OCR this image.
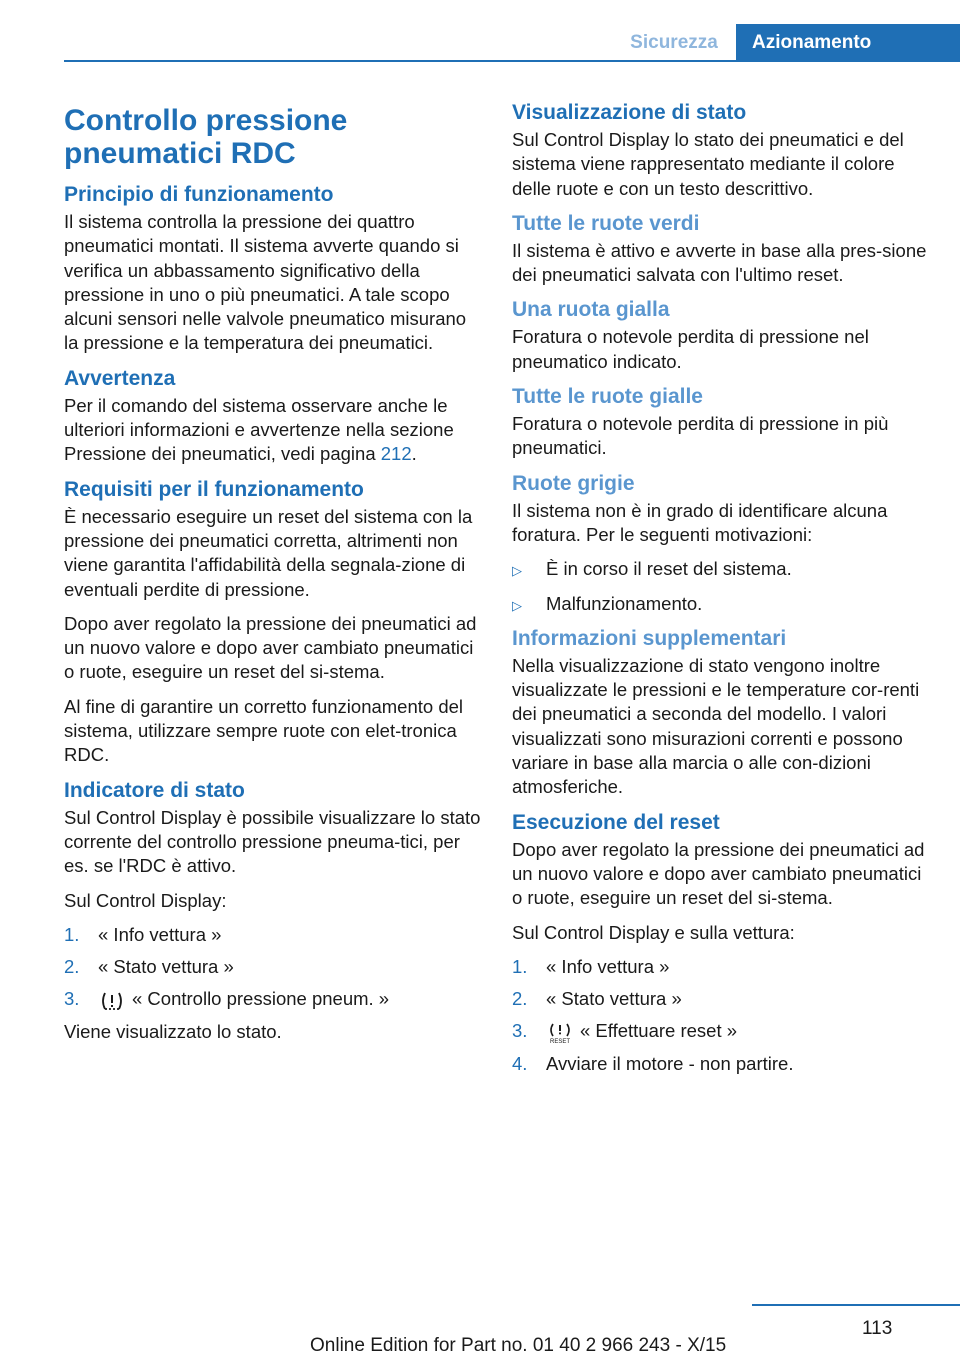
Sicurezza	Azionamento
Controllo pressione pneumatici RDC
Principio di funzionamento
Il sistema controlla la pressione dei quattro pneumatici montati. Il sistema avverte quando si verifica un abbassamento significativo della pressione in uno o più pneumatici. A tale scopo alcuni sensori nelle valvole pneumatico misurano la pressione e la temperatura dei pneumatici.
Avvertenza
Per il comando del sistema osservare anche le ulteriori informazioni e avvertenze nella sezione Pressione dei pneumatici, vedi pagina 212.
Requisiti per il funzionamento
È necessario eseguire un reset del sistema con la pressione dei pneumatici corretta, altrimenti non viene garantita l'affidabilità della segnala-zione di eventuali perdite di pressione.
Dopo aver regolato la pressione dei pneumatici ad un nuovo valore e dopo aver cambiato pneumatici o ruote, eseguire un reset del si-stema.
Al fine di garantire un corretto funzionamento del sistema, utilizzare sempre ruote con elet-tronica RDC.
Indicatore di stato
Sul Control Display è possibile visualizzare lo stato corrente del controllo pressione pneuma-tici, per es. se l'RDC è attivo.
Sul Control Display:
1.	« Info vettura »
2.	« Stato vettura »
3.	« Controllo pressione pneum. »
Viene visualizzato lo stato.
Visualizzazione di stato
Sul Control Display lo stato dei pneumatici e del sistema viene rappresentato mediante il colore delle ruote e con un testo descrittivo.
Tutte le ruote verdi
Il sistema è attivo e avverte in base alla pres-sione dei pneumatici salvata con l'ultimo reset.
Una ruota gialla
Foratura o notevole perdita di pressione nel pneumatico indicato.
Tutte le ruote gialle
Foratura o notevole perdita di pressione in più pneumatici.
Ruote grigie
Il sistema non è in grado di identificare alcuna foratura. Per le seguenti motivazioni:
▷	È in corso il reset del sistema.
▷	Malfunzionamento.
Informazioni supplementari
Nella visualizzazione di stato vengono inoltre visualizzate le pressioni e le temperature cor-renti dei pneumatici a seconda del modello. I valori visualizzati sono misurazioni correnti e possono variare in base alla marcia o alle con-dizioni atmosferiche.
Esecuzione del reset
Dopo aver regolato la pressione dei pneumatici ad un nuovo valore e dopo aver cambiato pneumatici o ruote, eseguire un reset del si-stema.
Sul Control Display e sulla vettura:
1.	« Info vettura »
2.	« Stato vettura »
3.
RESET
« Effettuare reset »
4.	Avviare il motore - non partire.
113
Online Edition for Part no. 01 40 2 966 243 - X/15
